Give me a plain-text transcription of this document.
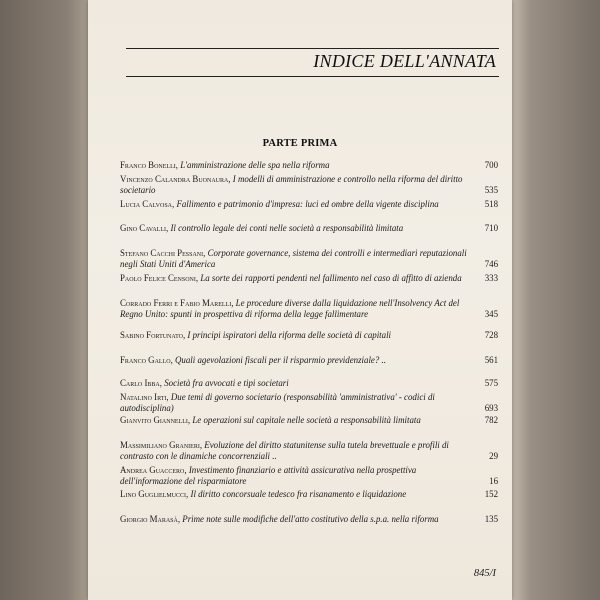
INDICE DELL'ANNATA
PARTE PRIMA
Franco Bonelli, L'amministrazione delle spa nella riforma	700
Vincenzo Calandra Buonaura, I modelli di amministrazione e controllo nella riforma del diritto societario	535
Lucia Calvosa, Fallimento e patrimonio d'impresa: luci ed ombre della vigente disciplina	518
Gino Cavalli, Il controllo legale dei conti nelle società a responsabilità limitata	710
Stefano Cacchi Pessani, Corporate governance, sistema dei controlli e intermediari reputazionali negli Stati Uniti d'America	746
Paolo Felice Censoni, La sorte dei rapporti pendenti nel fallimento nel caso di affitto di azienda	333
Corrado Ferri e Fabio Marelli, Le procedure diverse dalla liquidazione nell'Insolvency Act del Regno Unito: spunti in prospettiva di riforma della legge fallimentare	345
Sabino Fortunato, I principi ispiratori della riforma delle società di capitali	728
Franco Gallo, Quali agevolazioni fiscali per il risparmio previdenziale? ..	561
Carlo Ibba, Società fra avvocati e tipi societari	575
Natalino Irti, Due temi di governo societario (responsabilità 'amministrativa' - codici di autodisciplina)	693
Gianvito Giannelli, Le operazioni sul capitale nelle società a responsabilità limitata	782
Massimiliano Granieri, Evoluzione del diritto statunitense sulla tutela brevettuale e profili di contrasto con le dinamiche concorrenziali ..	29
Andrea Guaccero, Investimento finanziario e attività assicurativa nella prospettiva dell'informazione del risparmiatore	16
Lino Guglielmucci, Il diritto concorsuale tedesco fra risanamento e liquidazione	152
Giorgio Marasà, Prime note sulle modifiche dell'atto costitutivo della s.p.a. nella riforma	135
845/I
